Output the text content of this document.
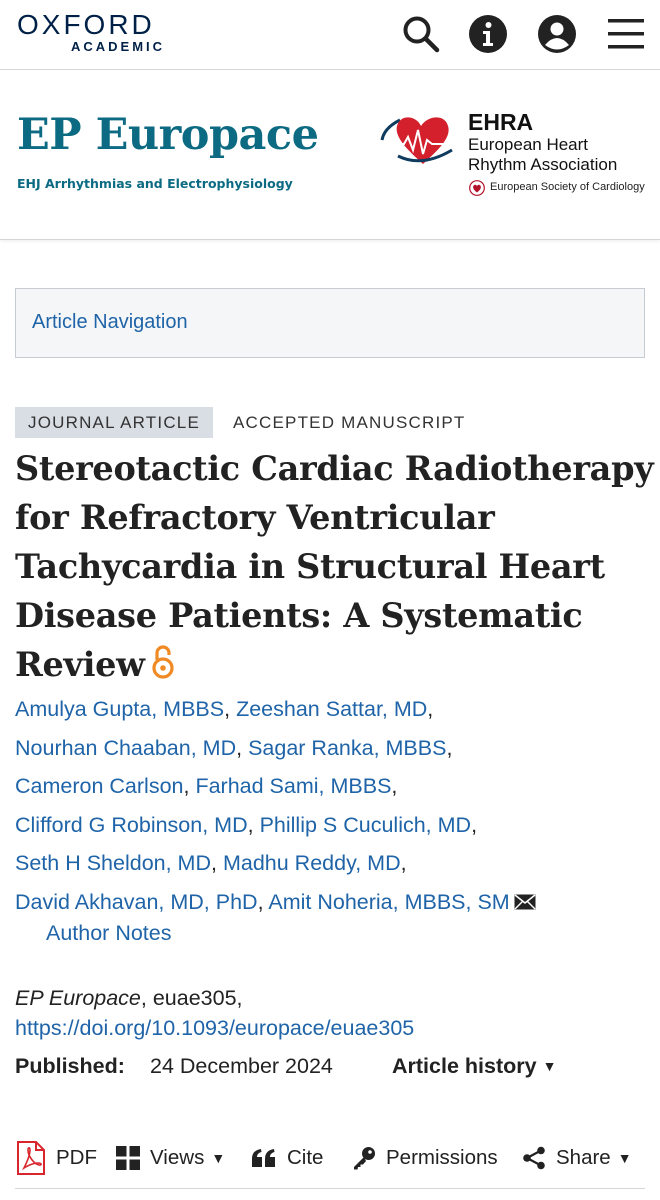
OXFORD
ACADEMIC
EP Europace
EHJ Arrhythmias and Electrophysiology
EHRA
European Heart
Rhythm Association
European Society of Cardiology
Article Navigation
JOURNAL ARTICLE	ACCEPTED MANUSCRIPT
Stereotactic Cardiac Radiotherapy
for Refractory Ventricular
Tachycardia in Structural Heart
Disease Patients: A Systematic
Review
Amulya Gupta, MBBS, Zeeshan Sattar, MD,
Nourhan Chaaban, MD, Sagar Ranka, MBBS,
Cameron Carlson, Farhad Sami, MBBS,
Clifford G Robinson, MD, Phillip S Cuculich, MD,
Seth H Sheldon, MD, Madhu Reddy, MD,
David Akhavan, MD, PhD, Amit Noheria, MBBS, SM
Author Notes
EP Europace, euae305,
https://doi.org/10.1093/europace/euae305
Published: 24 December 2024	Article history ▼
PDF	Views ▼	Cite	Permissions	Share ▼
